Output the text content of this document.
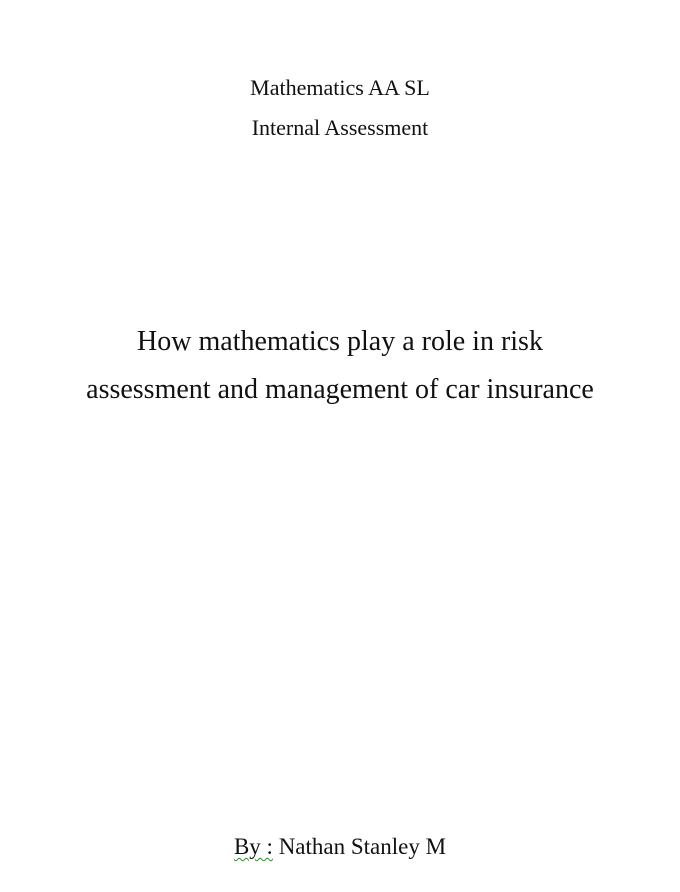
Mathematics AA SL
Internal Assessment
How mathematics play a role in risk
assessment and management of car insurance
By : Nathan Stanley M
